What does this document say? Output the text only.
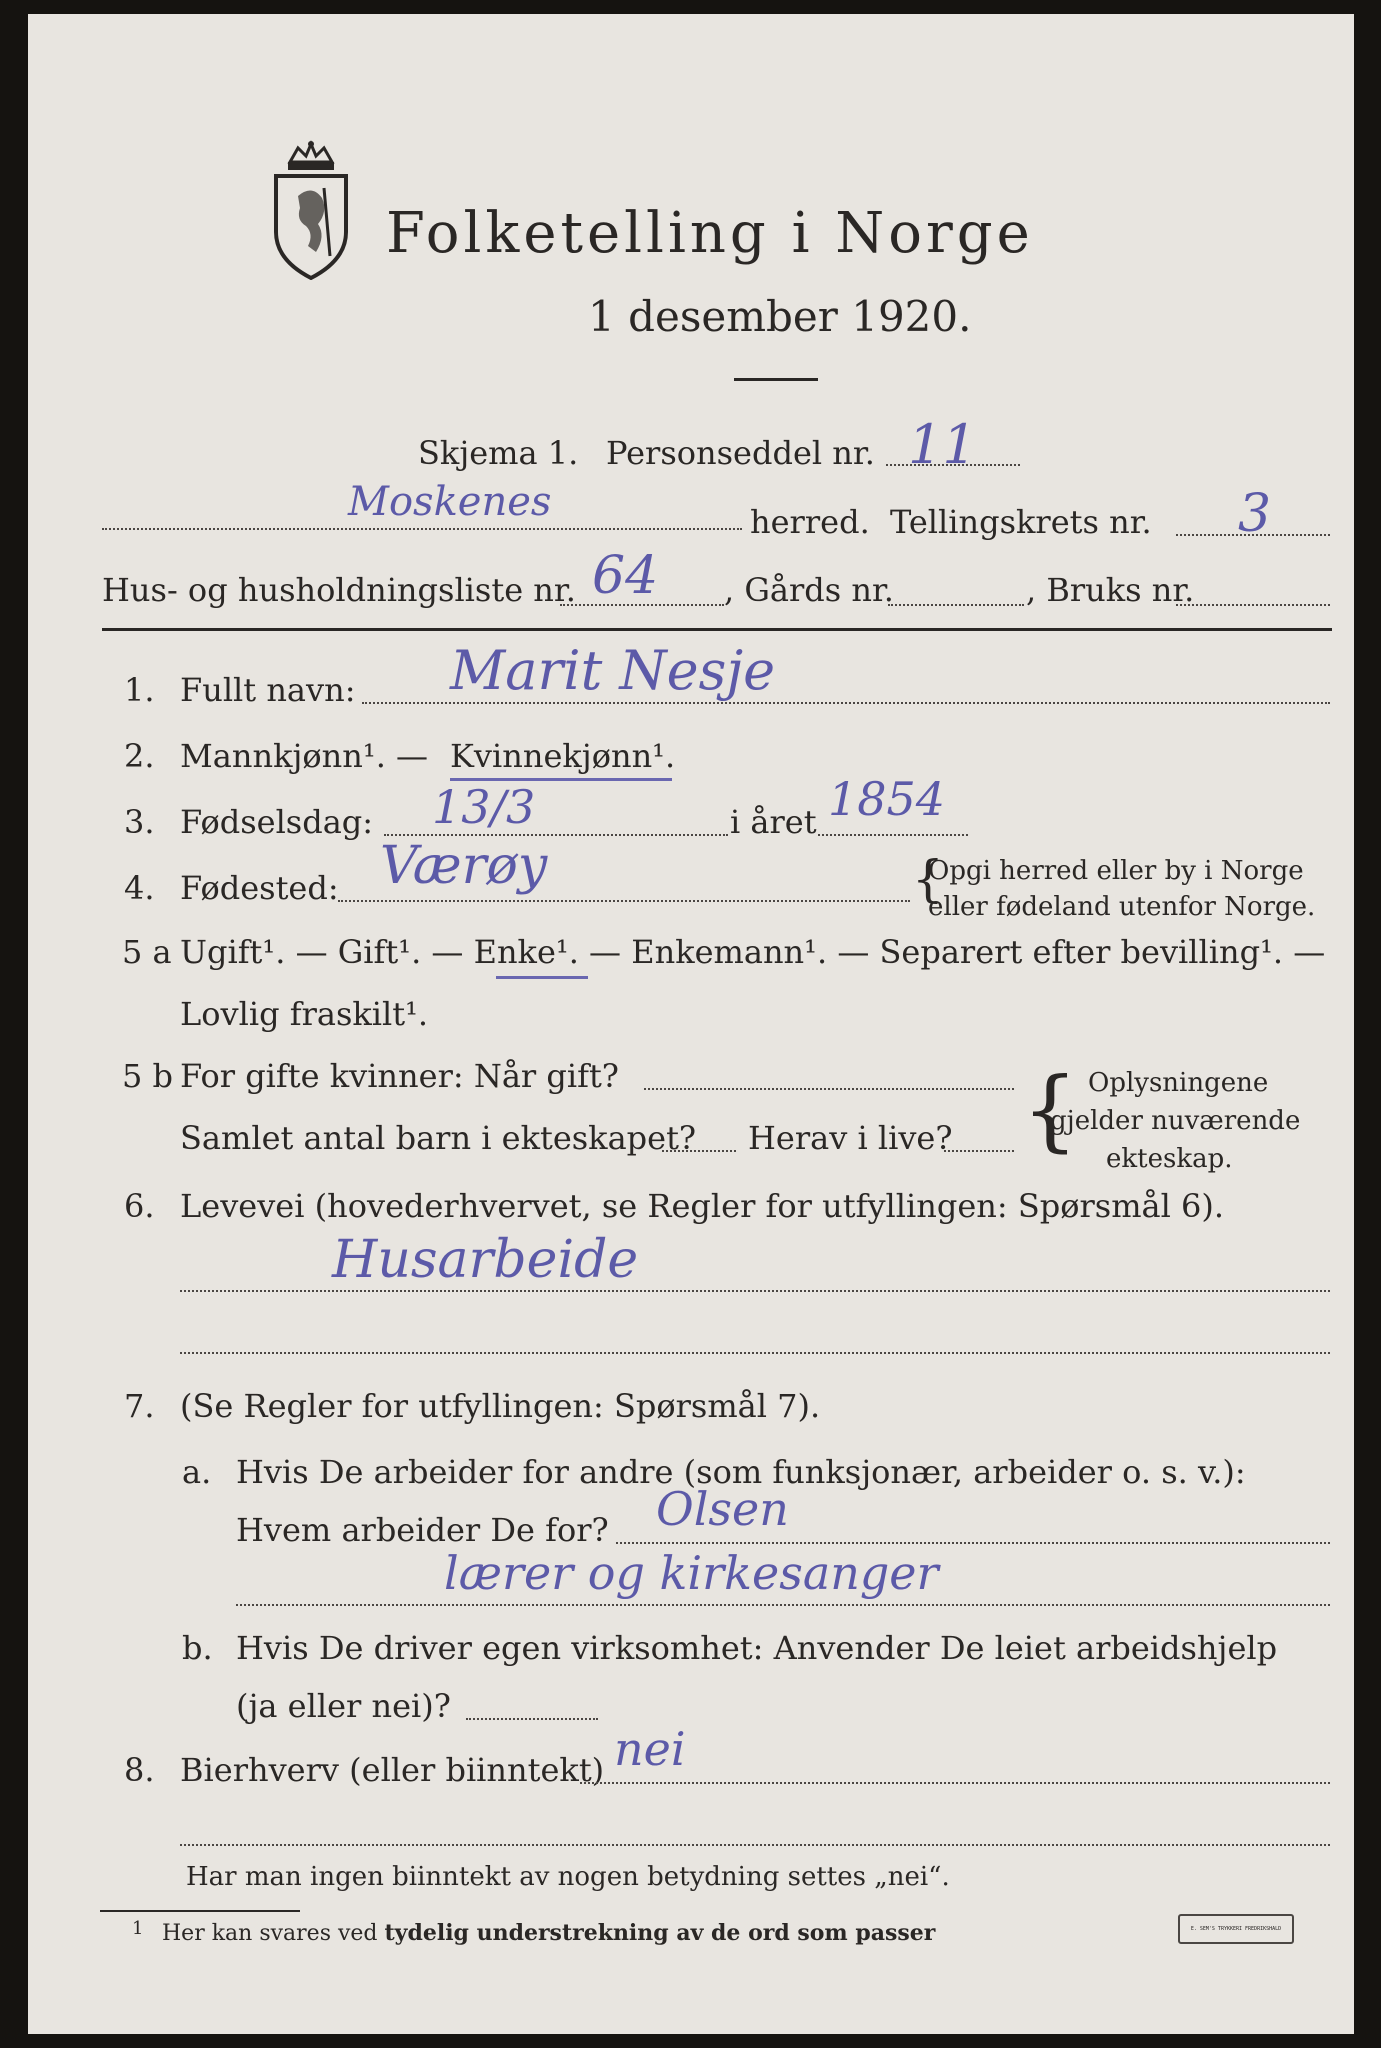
Folketelling i Norge
1 desember 1920.
Skjema 1. Personseddel nr. 11
Moskenes	herred. Tellingskrets nr. 3
Hus- og husholdningsliste nr. 64 , Gårds nr.	, Bruks nr.
1. Fullt navn: Marit Nesje
2. Mannkjønn¹. — Kvinnekjønn¹.
3. Fødselsdag: 13/3	i året 1854
4. Fødested: Værøy	{
Opgi herred eller by i Norge
eller fødeland utenfor Norge.
5 a Ugift¹. — Gift¹. — Enke¹. — Enkemann¹. — Separert efter bevilling¹. —
Lovlig fraskilt¹.
5 b For gifte kvinner: Når gift?
Samlet antal barn i ekteskapet? Herav i live? { Oplysningene
gjelder nuværende
ekteskap.
6. Levevei (hovederhvervet, se Regler for utfyllingen: Spørsmål 6).
Husarbeide
7. (Se Regler for utfyllingen: Spørsmål 7).
a. Hvis De arbeider for andre (som funksjonær, arbeider o. s. v.):
Hvem arbeider De for? Olsen
lærer og kirkesanger
b. Hvis De driver egen virksomhet: Anvender De leiet arbeidshjelp
(ja eller nei)?
8. Bierhverv (eller biinntekt) nei
Har man ingen biinntekt av nogen betydning settes „nei“.
1 Her kan svares ved tydelig understrekning av de ord som passer	E. SEM'S TRYKKERI FREDRIKSHALD
